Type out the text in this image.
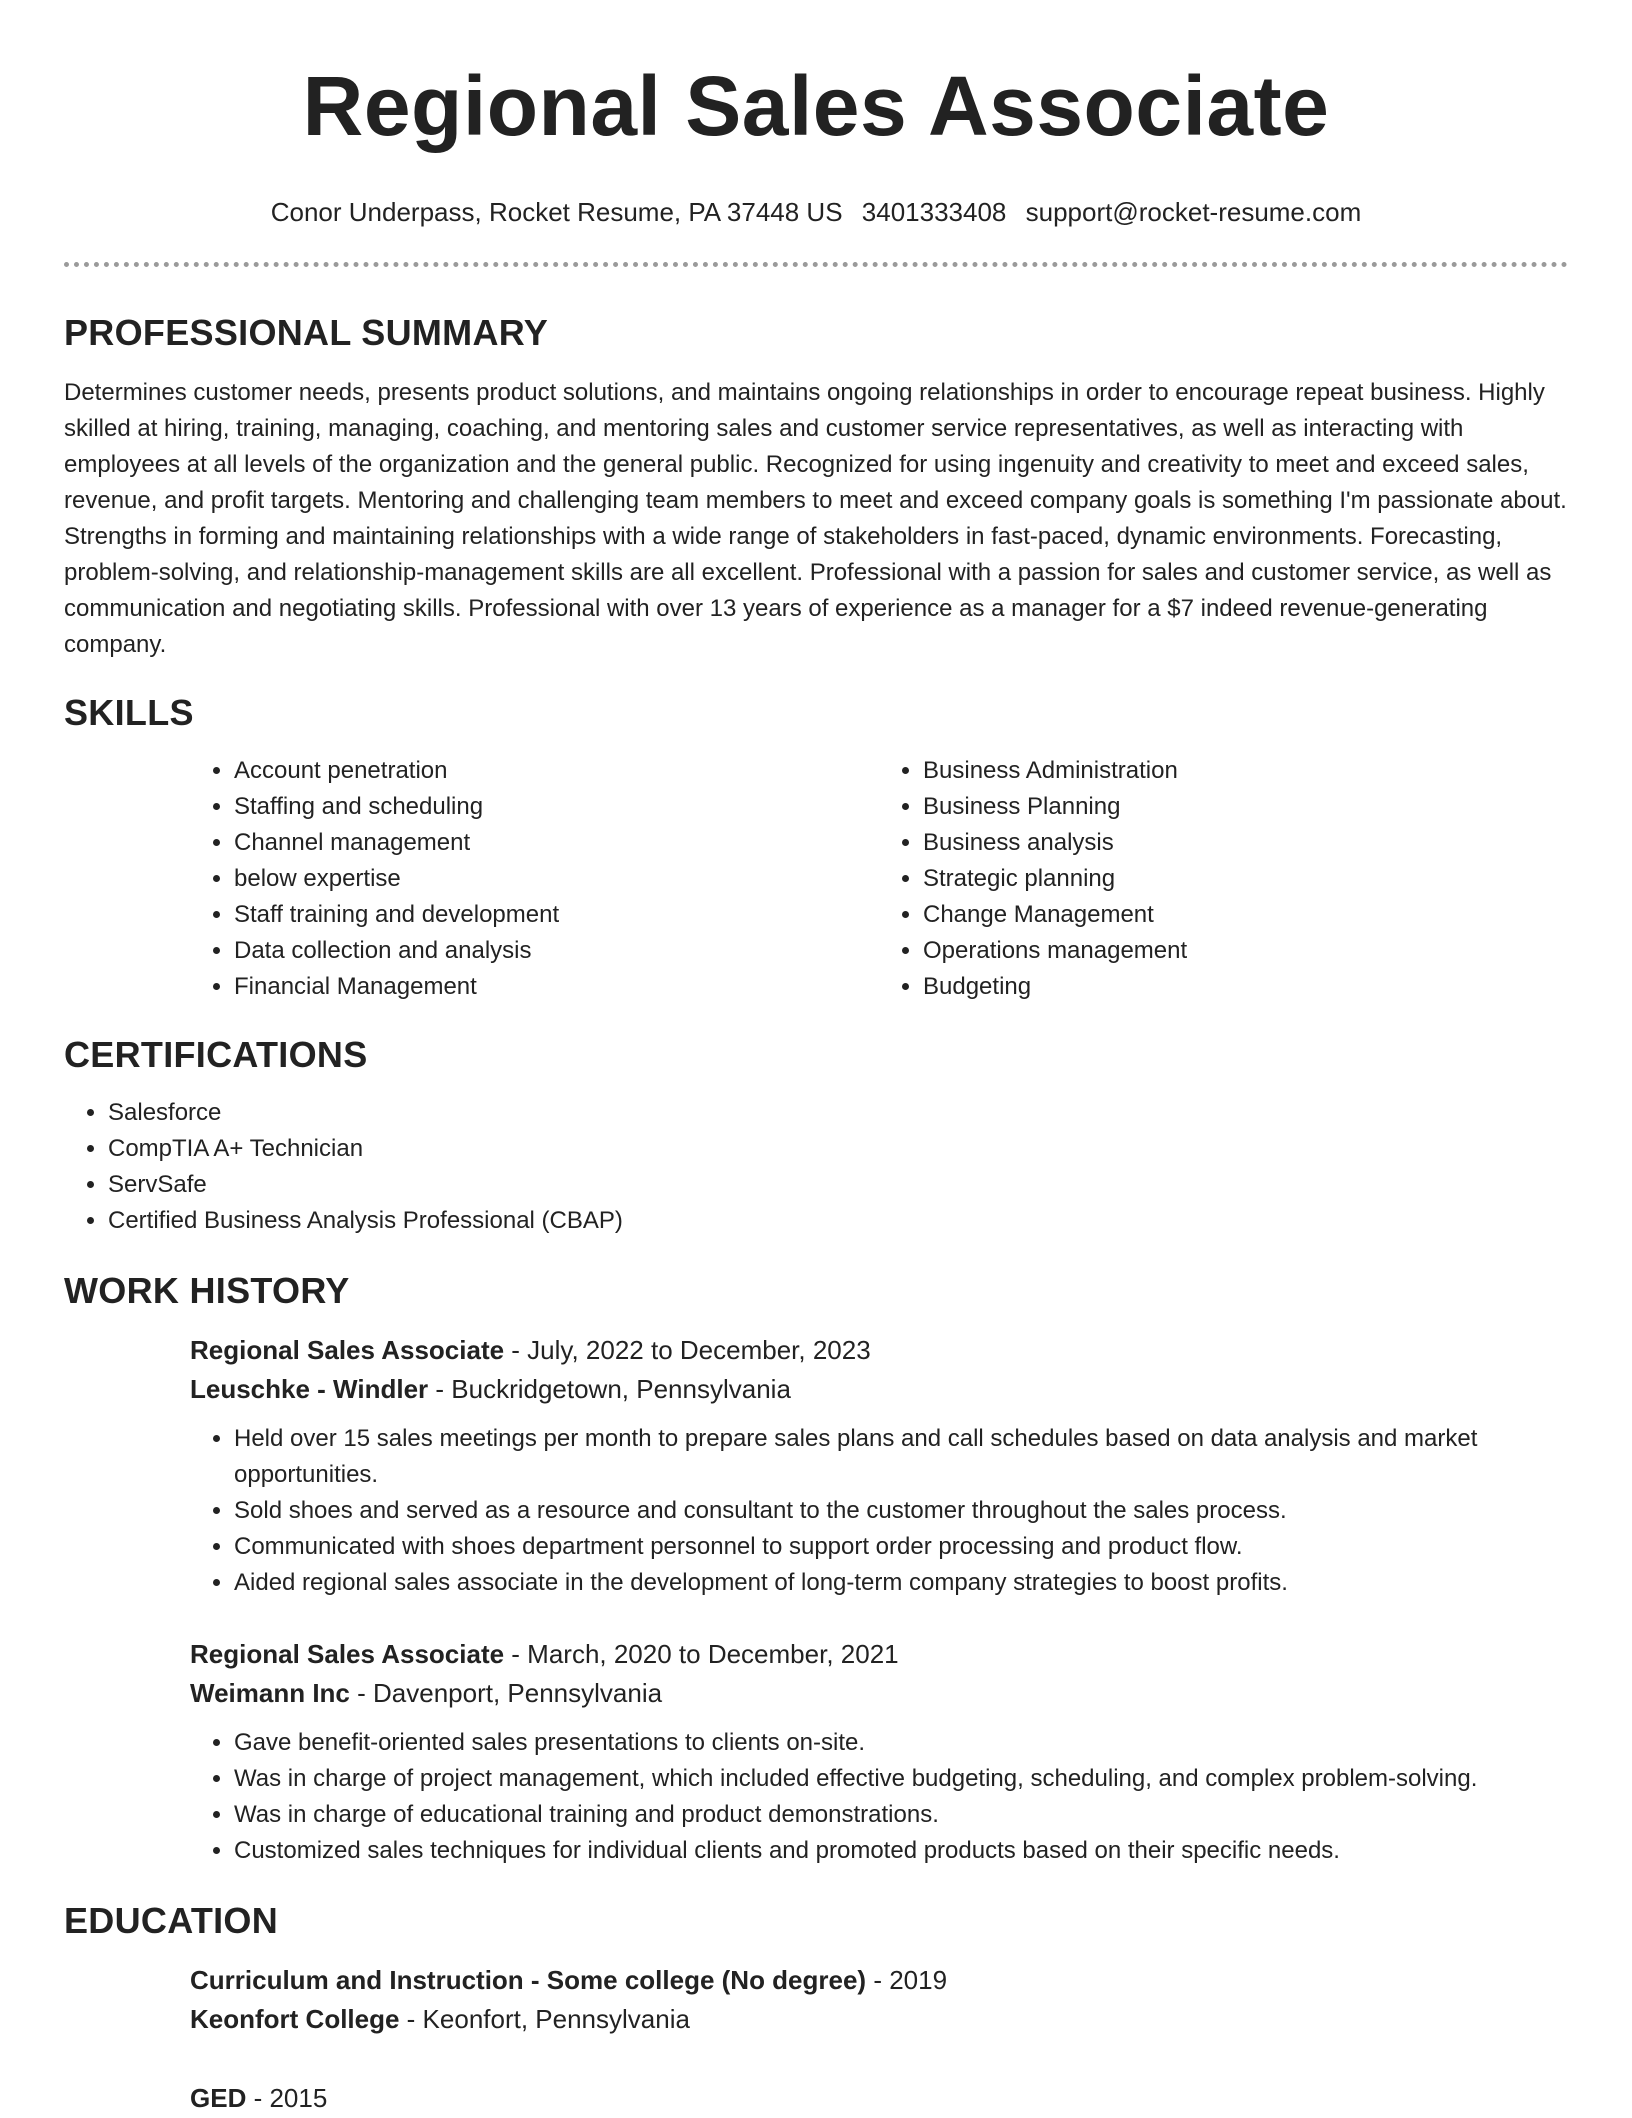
Regional Sales Associate
Conor Underpass, Rocket Resume, PA 37448 US 3401333408 support@rocket-resume.com
PROFESSIONAL SUMMARY

Determines customer needs, presents product solutions, and maintains ongoing relationships in order to encourage repeat business. Highly skilled at hiring, training, managing, coaching, and mentoring sales and customer service representatives, as well as interacting with employees at all levels of the organization and the general public. Recognized for using ingenuity and creativity to meet and exceed sales, revenue, and profit targets. Mentoring and challenging team members to meet and exceed company goals is something I'm passionate about. Strengths in forming and maintaining relationships with a wide range of stakeholders in fast-paced, dynamic environments. Forecasting, problem-solving, and relationship-management skills are all excellent. Professional with a passion for sales and customer service, as well as communication and negotiating skills. Professional with over 13 years of experience as a manager for a $7 indeed revenue-generating company.

SKILLS
• Account penetration
• Staffing and scheduling
• Channel management
• below expertise
• Staff training and development
• Data collection and analysis
• Financial Management
• Business Administration
• Business Planning
• Business analysis
• Strategic planning
• Change Management
• Operations management
• Budgeting
CERTIFICATIONS
• Salesforce
• CompTIA A+ Technician
• ServSafe
• Certified Business Analysis Professional (CBAP)
WORK HISTORY
Regional Sales Associate - July, 2022 to December, 2023
Leuschke - Windler - Buckridgetown, Pennsylvania
• Held over 15 sales meetings per month to prepare sales plans and call schedules based on data analysis and market opportunities.
• Sold shoes and served as a resource and consultant to the customer throughout the sales process.
• Communicated with shoes department personnel to support order processing and product flow.
• Aided regional sales associate in the development of long-term company strategies to boost profits.
Regional Sales Associate - March, 2020 to December, 2021
Weimann Inc - Davenport, Pennsylvania
• Gave benefit-oriented sales presentations to clients on-site.
• Was in charge of project management, which included effective budgeting, scheduling, and complex problem-solving.
• Was in charge of educational training and product demonstrations.
• Customized sales techniques for individual clients and promoted products based on their specific needs.
EDUCATION
Curriculum and Instruction - Some college (No degree) - 2019
Keonfort College - Keonfort, Pennsylvania
GED - 2015
